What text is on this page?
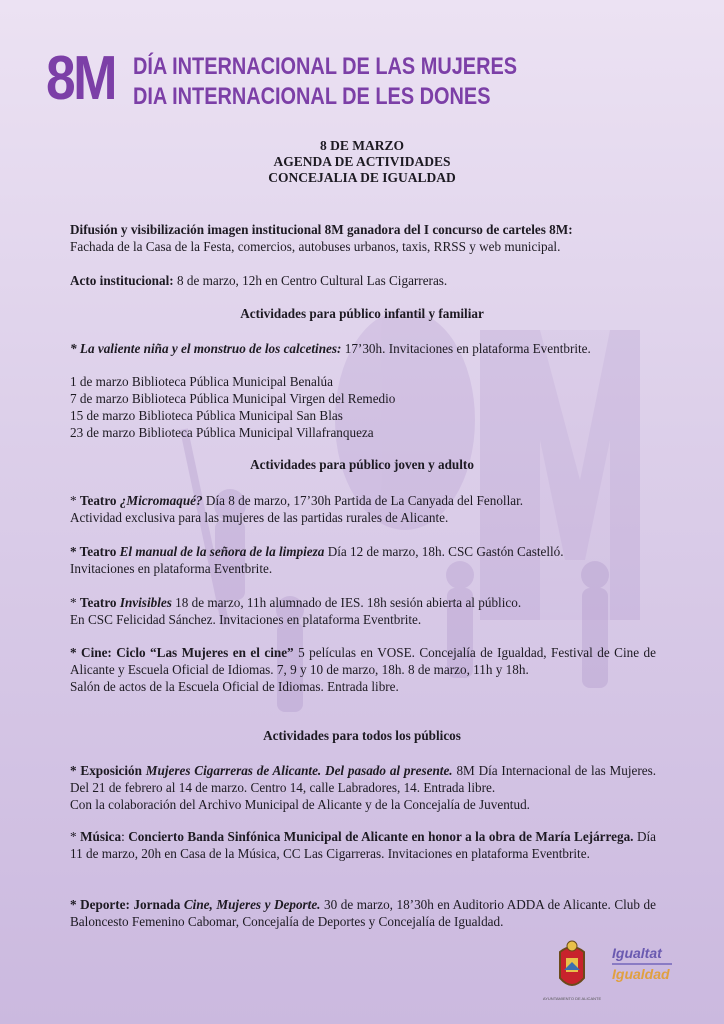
8M DÍA INTERNACIONAL DE LAS MUJERES
DIA INTERNACIONAL DE LES DONES
8 DE MARZO
AGENDA DE ACTIVIDADES
CONCEJALIA DE IGUALDAD
Difusión y visibilización imagen institucional 8M ganadora del I concurso de carteles 8M:
Fachada de la Casa de la Festa, comercios, autobuses urbanos, taxis, RRSS y web municipal.
Acto institucional: 8 de marzo, 12h en Centro Cultural Las Cigarreras.
Actividades para público infantil y familiar
* La valiente niña y el monstruo de los calcetines: 17’30h. Invitaciones en plataforma Eventbrite.
1 de marzo Biblioteca Pública Municipal Benalúa
7 de marzo Biblioteca Pública Municipal Virgen del Remedio
15 de marzo Biblioteca Pública Municipal San Blas
23 de marzo Biblioteca Pública Municipal Villafranqueza
Actividades para público joven y adulto
* Teatro ¿Micromaqué? Día 8 de marzo, 17’30h Partida de La Canyada del Fenollar.
Actividad exclusiva para las mujeres de las partidas rurales de Alicante.
* Teatro El manual de la señora de la limpieza Día 12 de marzo, 18h. CSC Gastón Castelló.
Invitaciones en plataforma Eventbrite.
* Teatro Invisibles 18 de marzo, 11h alumnado de IES. 18h sesión abierta al público.
En CSC Felicidad Sánchez. Invitaciones en plataforma Eventbrite.
* Cine: Ciclo “Las Mujeres en el cine” 5 películas en VOSE. Concejalía de Igualdad, Festival de Cine de Alicante y Escuela Oficial de Idiomas. 7, 9 y 10 de marzo, 18h. 8 de marzo, 11h y 18h.
Salón de actos de la Escuela Oficial de Idiomas. Entrada libre.
Actividades para todos los públicos
* Exposición Mujeres Cigarreras de Alicante. Del pasado al presente. 8M Día Internacional de las Mujeres. Del 21 de febrero al 14 de marzo. Centro 14, calle Labradores, 14. Entrada libre.
Con la colaboración del Archivo Municipal de Alicante y de la Concejalía de Juventud.
* Música: Concierto Banda Sinfónica Municipal de Alicante en honor a la obra de María Lejárrega. Día 11 de marzo, 20h en Casa de la Música, CC Las Cigarreras. Invitaciones en plataforma Eventbrite.
* Deporte: Jornada Cine, Mujeres y Deporte. 30 de marzo, 18’30h en Auditorio ADDA de Alicante. Club de Baloncesto Femenino Cabomar, Concejalía de Deportes y Concejalía de Igualdad.
AYUNTAMIENTO DE ALICANTE
Igualtat
Igualdad
